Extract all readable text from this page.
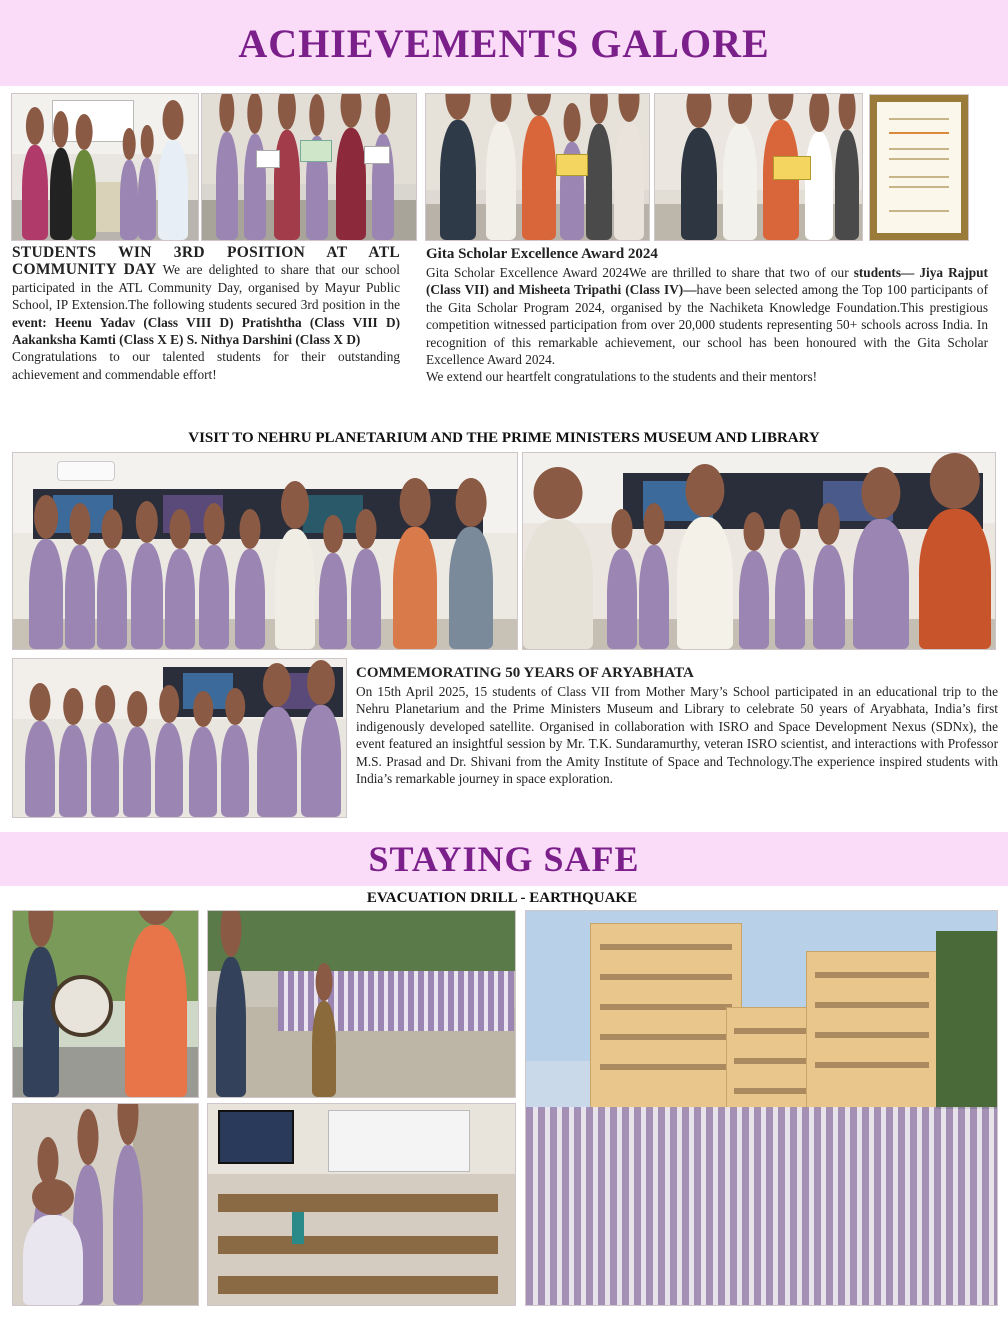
ACHIEVEMENTS GALORE
STUDENTS WIN 3RD POSITION AT ATL COMMUNITY DAY We are delighted to share that our school participated in the ATL Community Day, organised by Mayur Public School, IP Extension.The following students secured 3rd position in the event: Heenu Yadav (Class VIII D) Pratishtha (Class VIII D) Aakanksha Kamti (Class X E) S. Nithya Darshini (Class X D)
Congratulations to our talented students for their outstanding achievement and commendable effort!
Gita Scholar Excellence Award 2024
Gita Scholar Excellence Award 2024We are thrilled to share that two of our students— Jiya Rajput (Class VII) and Misheeta Tripathi (Class IV)—have been selected among the Top 100 participants of the Gita Scholar Program 2024, organised by the Nachiketa Knowledge Foundation.This prestigious competition witnessed participation from over 20,000 students representing 50+ schools across India. In recognition of this remarkable achievement, our school has been honoured with the Gita Scholar Excellence Award 2024.
We extend our heartfelt congratulations to the students and their mentors!
VISIT TO NEHRU PLANETARIUM AND THE PRIME MINISTERS MUSEUM AND LIBRARY
COMMEMORATING 50 YEARS OF ARYABHATA
On 15th April 2025, 15 students of Class VII from Mother Mary’s School participated in an educational trip to the Nehru Planetarium and the Prime Ministers Museum and Library to celebrate 50 years of Aryabhata, India’s first indigenously developed satellite. Organised in collaboration with ISRO and Space Development Nexus (SDNx), the event featured an insightful session by Mr. T.K. Sundaramurthy, veteran ISRO scientist, and interactions with Professor M.S. Prasad and Dr. Shivani from the Amity Institute of Space and Technology.The experience inspired students with India’s remarkable journey in space exploration.
STAYING SAFE
EVACUATION DRILL - EARTHQUAKE
